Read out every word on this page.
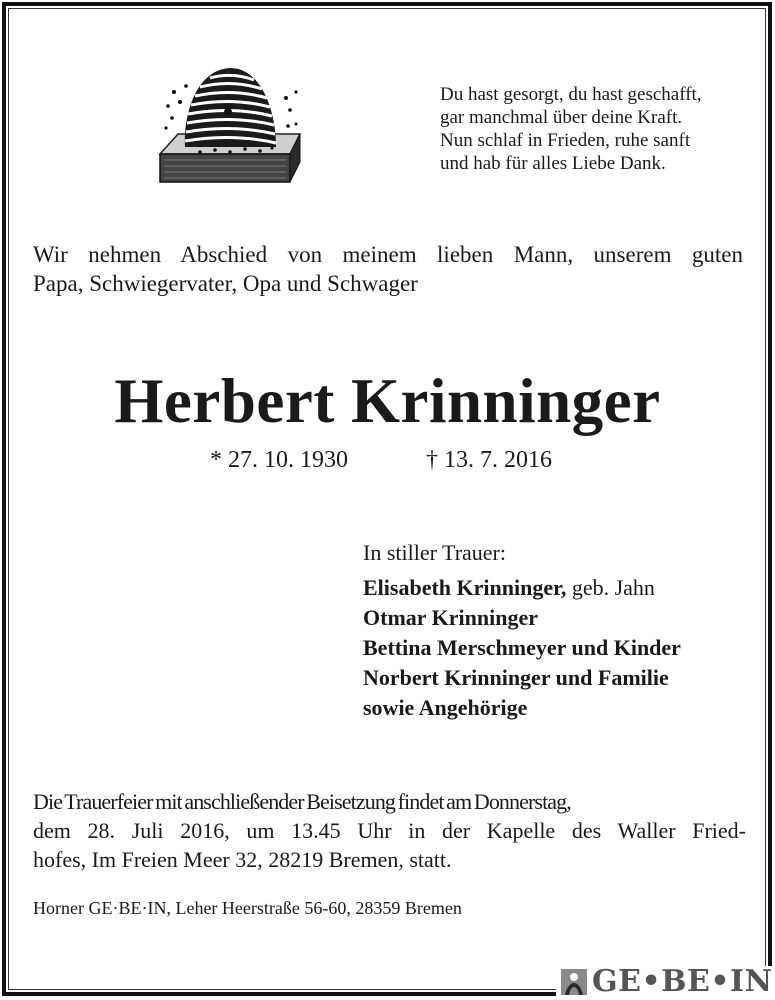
Du hast gesorgt, du hast geschafft,
gar manchmal über deine Kraft.
Nun schlaf in Frieden, ruhe sanft
und hab für alles Liebe Dank.
Wir nehmen Abschied von meinem lieben Mann, unserem guten
Papa, Schwiegervater, Opa und Schwager
Herbert Krinninger
* 27. 10. 1930	† 13. 7. 2016
In stiller Trauer:
Elisabeth Krinninger, geb. Jahn
Otmar Krinninger
Bettina Merschmeyer und Kinder
Norbert Krinninger und Familie
sowie Angehörige
Die Trauerfeier mit anschließender Beisetzung findet am Donnerstag,
dem 28. Juli 2016, um 13.45 Uhr in der Kapelle des Waller Fried-
hofes, Im Freien Meer 32, 28219 Bremen, statt.
Horner GE·BE·IN, Leher Heerstraße 56-60, 28359 Bremen
GE•BE•IN
